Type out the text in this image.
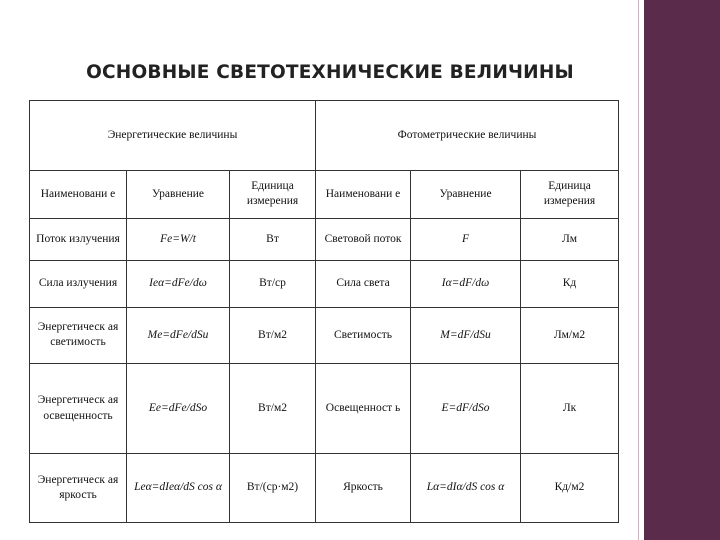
ОСНОВНЫЕ СВЕТОТЕХНИЧЕСКИЕ ВЕЛИЧИНЫ
Энергетические величины			Фотометрические величины		
Наименовани е	Уравнение	Единица измерения	Наименовани е	Уравнение	Единица измерения
Поток излучения	Fe=W/t	Вт	Световой поток	F	Лм
Сила излучения	Ieα=dFe/dω	Вт/ср	Сила света	Iα=dF/dω	Кд
Энергетическ ая светимость	Me=dFe/dSи	Вт/м2	Светимость	M=dF/dSи	Лм/м2
Энергетическ ая освещенность	Ee=dFe/dSo	Вт/м2	Освещенност ь	E=dF/dSo	Лк
Энергетическ ая яркость	Leα=dIeα/dS cos α	Вт/(ср·м2)	Яркость	Lα=dIα/dS cos α	Кд/м2
